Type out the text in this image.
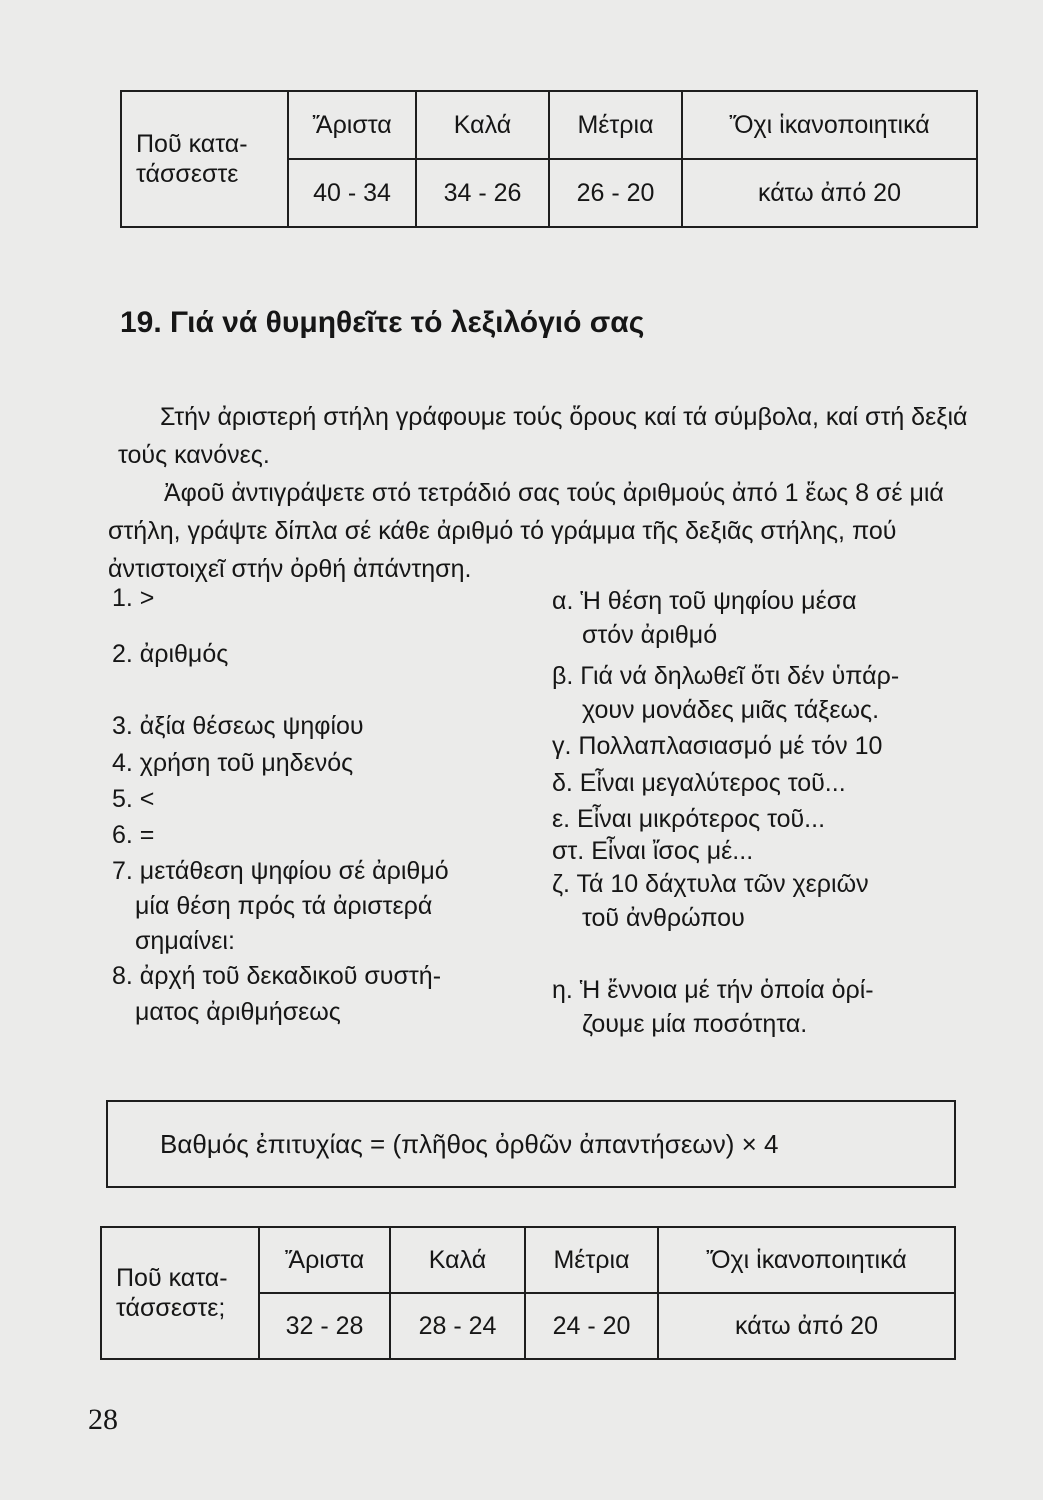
Ποῦ κατα- τάσσεστε	Ἄριστα	Καλά	Μέτρια	Ὄχι ἱκανοποιητικά
	40 - 34	34 - 26	26 - 20	κάτω ἀπό 20
19. Γιά νά θυμηθεῖτε τό λεξιλόγιό σας

Στήν ἀριστερή στήλη γράφουμε τούς ὅρους καί τά σύμβολα, καί στή δεξιά τούς κανόνες.

Ἀφοῦ ἀντιγράψετε στό τετράδιό σας τούς ἀριθμούς ἀπό 1 ἕως 8 σέ μιά στήλη, γράψτε δίπλα σέ κάθε ἀριθμό τό γράμμα τῆς δεξιᾶς στήλης, πού ἀντιστοιχεῖ στήν ὀρθή ἀπάντηση.

1. >

2. ἀριθμός

3. ἀξία θέσεως ψηφίου

4. χρήση τοῦ μηδενός

5. <

6. =

7. μετάθεση ψηφίου σέ ἀριθμό

μία θέση πρός τά ἀριστερά

σημαίνει:

8. ἀρχή τοῦ δεκαδικοῦ συστή-

ματος ἀριθμήσεως

α. Ἡ θέση τοῦ ψηφίου μέσα

στόν ἀριθμό

β. Γιά νά δηλωθεῖ ὅτι δέν ὑπάρ-

χουν μονάδες μιᾶς τάξεως.

γ. Πολλαπλασιασμό μέ τόν 10

δ. Εἶναι μεγαλύτερος τοῦ...

ε. Εἶναι μικρότερος τοῦ...

στ. Εἶναι ἴσος μέ...

ζ. Τά 10 δάχτυλα τῶν χεριῶν

τοῦ ἀνθρώπου

η. Ἡ ἔννοια μέ τήν ὁποία ὁρί-

ζουμε μία ποσότητα.

Βαθμός ἐπιτυχίας = (πλῆθος ὀρθῶν ἀπαντήσεων) × 4
Ποῦ κατα- τάσσεστε;	Ἄριστα	Καλά	Μέτρια	Ὄχι ἱκανοποιητικά
	32 - 28	28 - 24	24 - 20	κάτω ἀπό 20
28
